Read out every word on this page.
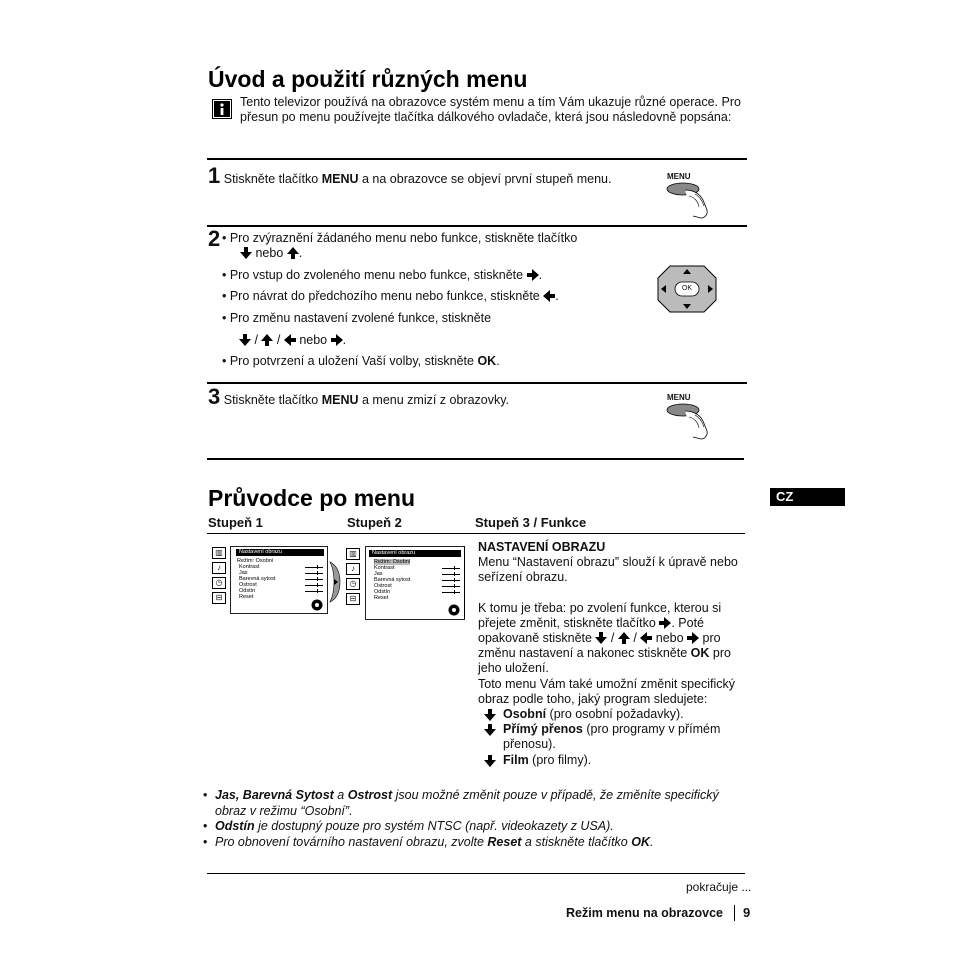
Úvod a použití různých menu
Tento televizor používá na obrazovce systém menu a tím Vám ukazuje různé operace. Pro přesun po menu používejte tlačítka dálkového ovladače, která jsou následovně popsána:
1 Stiskněte tlačítko MENU a na obrazovce se objeví první stupeň menu.	MENU
2 • Pro zvýraznění žádaného menu nebo funkce, stiskněte tlačítko

nebo
.
• Pro vstup do zvoleného menu nebo funkce, stiskněte
.
• Pro návrat do předchozího menu nebo funkce, stiskněte
.
• Pro změnu nastavení zvolené funkce, stiskněte
/
/
nebo
.
• Pro potvrzení a uložení Vaší volby, stiskněte OK.
OK
3 Stiskněte tlačítko MENU a menu zmizí z obrazovky.	MENU
Průvodce po menu	CZ
Stupeň 1	Stupeň 2	Stupeň 3 / Funkce
▥
♪
◷
⊟
Nastavení obrazu
Režim: Osobní
Kontrast
Jas
Barevná sytost
Ostrost
Odstín
Reset
▥
♪
◷
⊟
Nastavení obrazu
Režim: Osobní
Kontrast
Jas
Barevná sytost
Ostrost
Odstín
Reset
NASTAVENÍ OBRAZU
Menu “Nastavení obrazu” slouží k úpravě nebo seřízení obrazu.
K tomu je třeba: po zvolení funkce, kterou si přejete změnit, stiskněte tlačítko
. Poté opakovaně stiskněte
/
/
nebo
pro změnu nastavení a nakonec stiskněte OK pro jeho uložení.
Toto menu Vám také umožní změnit specifický obraz podle toho, jaký program sledujete:
Osobní (pro osobní požadavky).
Přímý přenos (pro programy v přímém přenosu).
Film (pro filmy).
• Jas, Barevná Sytost a Ostrost jsou možné změnit pouze v případě, že změníte specifický obraz v režimu “Osobní”.
• Odstín je dostupný pouze pro systém NTSC (např. videokazety z USA).
• Pro obnovení továrního nastavení obrazu, zvolte Reset a stiskněte tlačítko OK.
pokračuje ...
Režim menu na obrazovce 9
